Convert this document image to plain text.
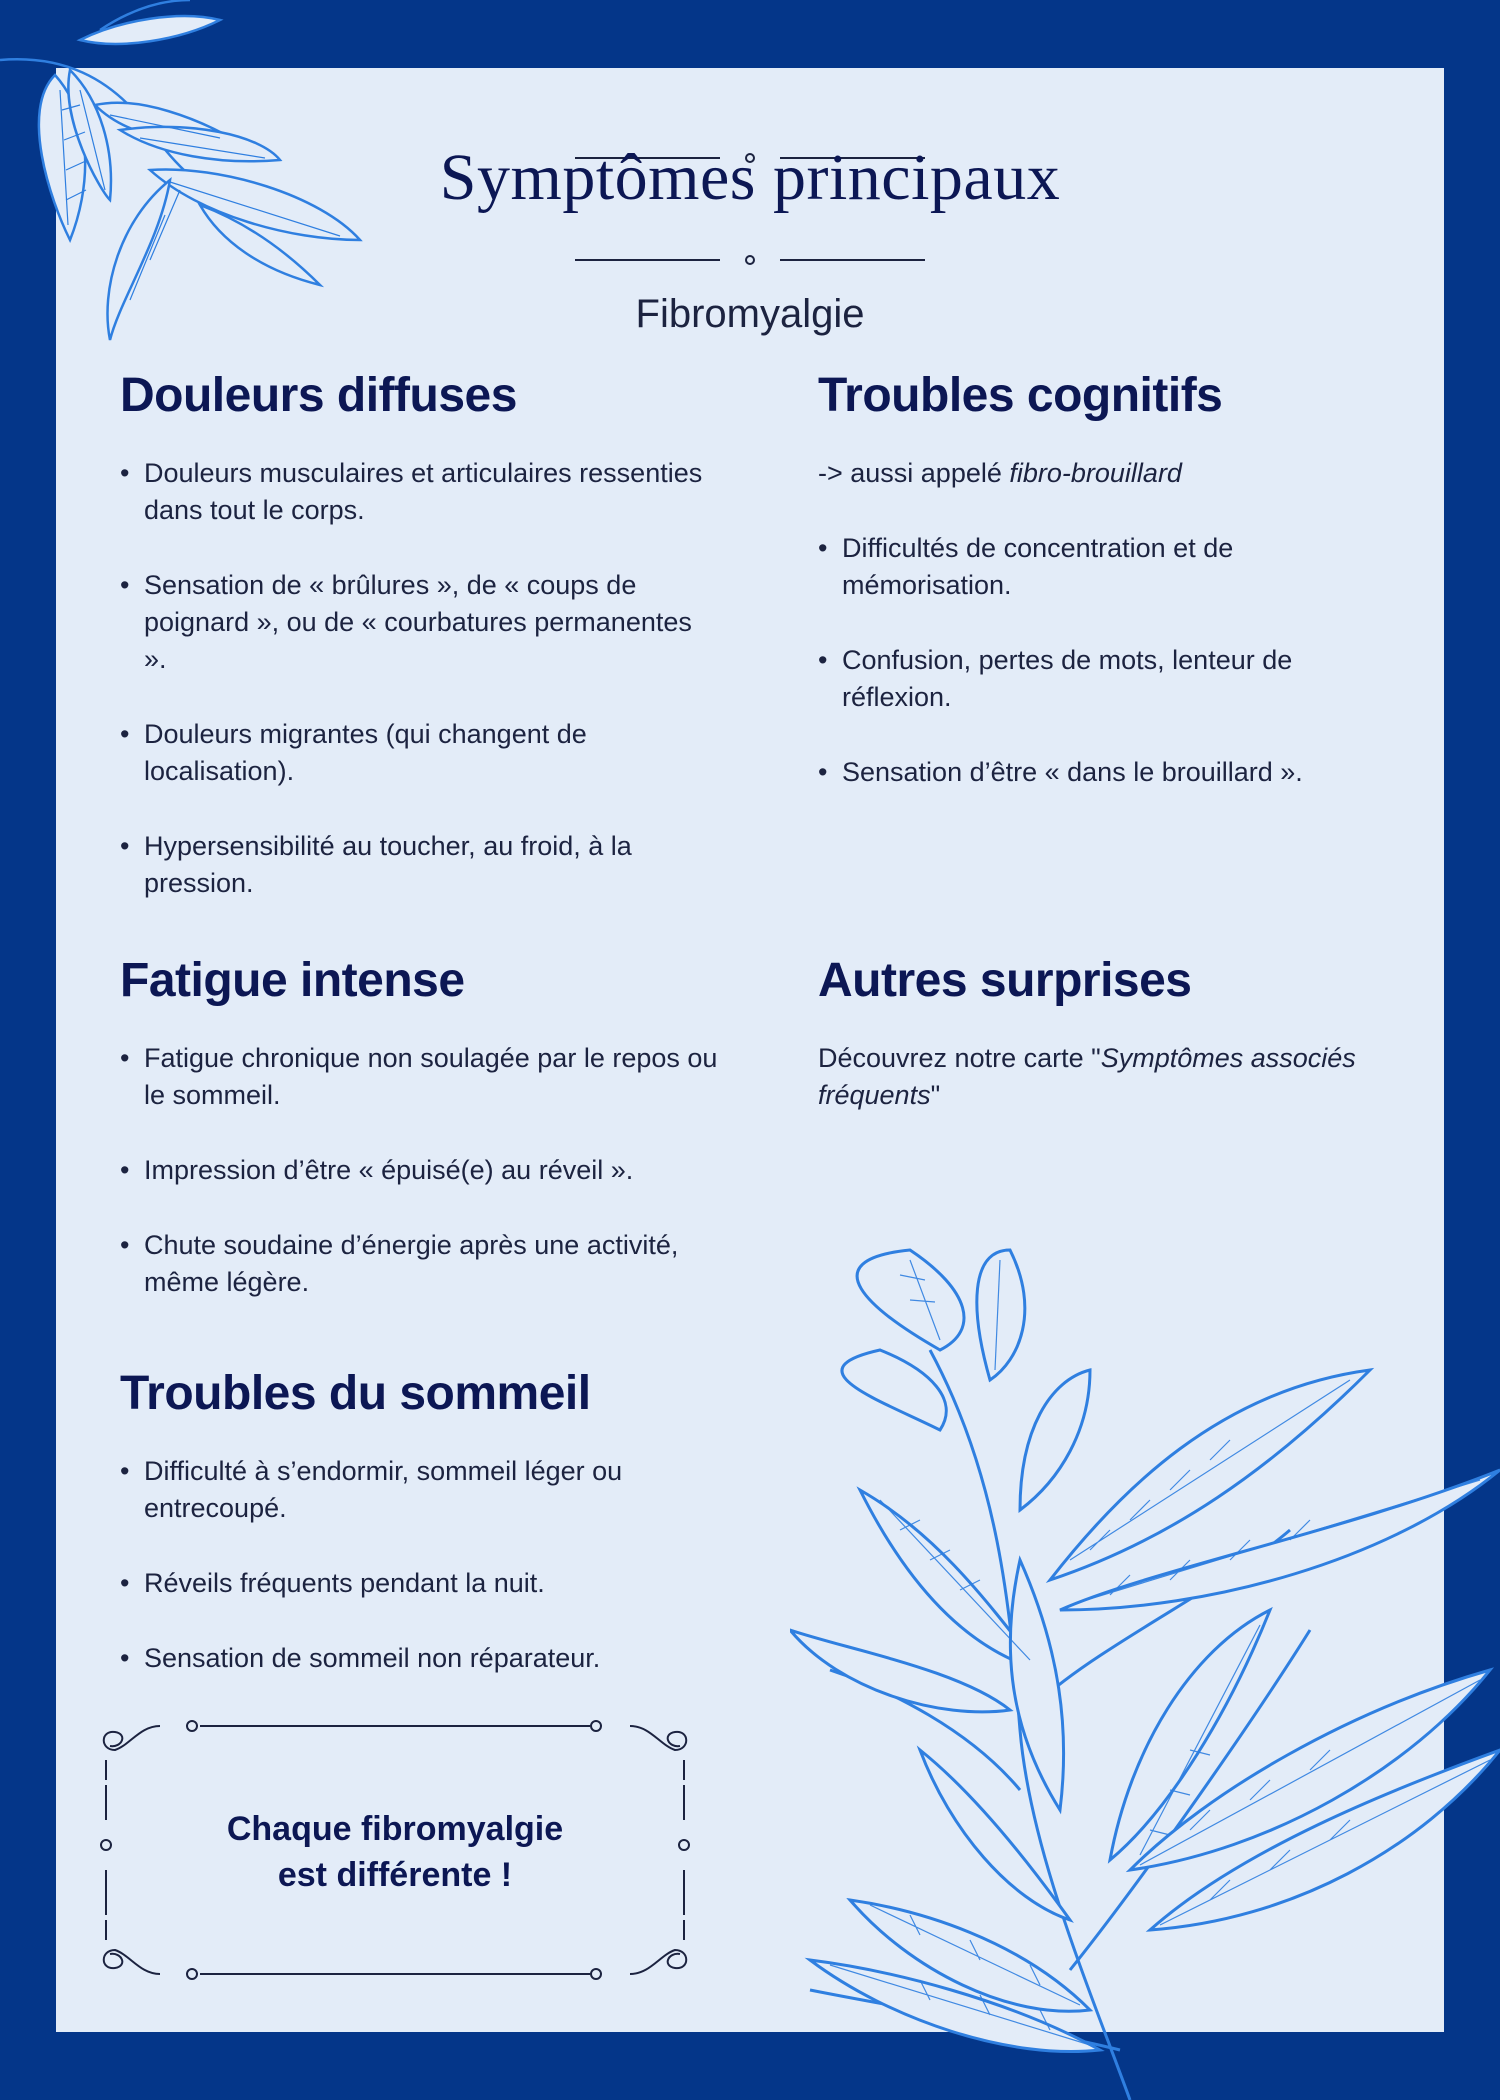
Symptômes principaux
Fibromyalgie
Douleurs diffuses
• Douleurs musculaires et articulaires ressenties dans tout le corps.
• Sensation de « brûlures », de « coups de poignard », ou de « courbatures permanentes ».
• Douleurs migrantes (qui changent de localisation).
• Hypersensibilité au toucher, au froid, à la pression.
Troubles cognitifs

-> aussi appelé fibro-brouillard

• Difficultés de concentration et de mémorisation.
• Confusion, pertes de mots, lenteur de réflexion.
• Sensation d’être « dans le brouillard ».
Fatigue intense
• Fatigue chronique non soulagée par le repos ou le sommeil.
• Impression d’être « épuisé(e) au réveil ».
• Chute soudaine d’énergie après une activité, même légère.
Autres surprises

Découvrez notre carte "Symptômes associés fréquents"

Troubles du sommeil
• Difficulté à s’endormir, sommeil léger ou entrecoupé.
• Réveils fréquents pendant la nuit.
• Sensation de sommeil non réparateur.
Chaque fibromyalgie
est différente !
